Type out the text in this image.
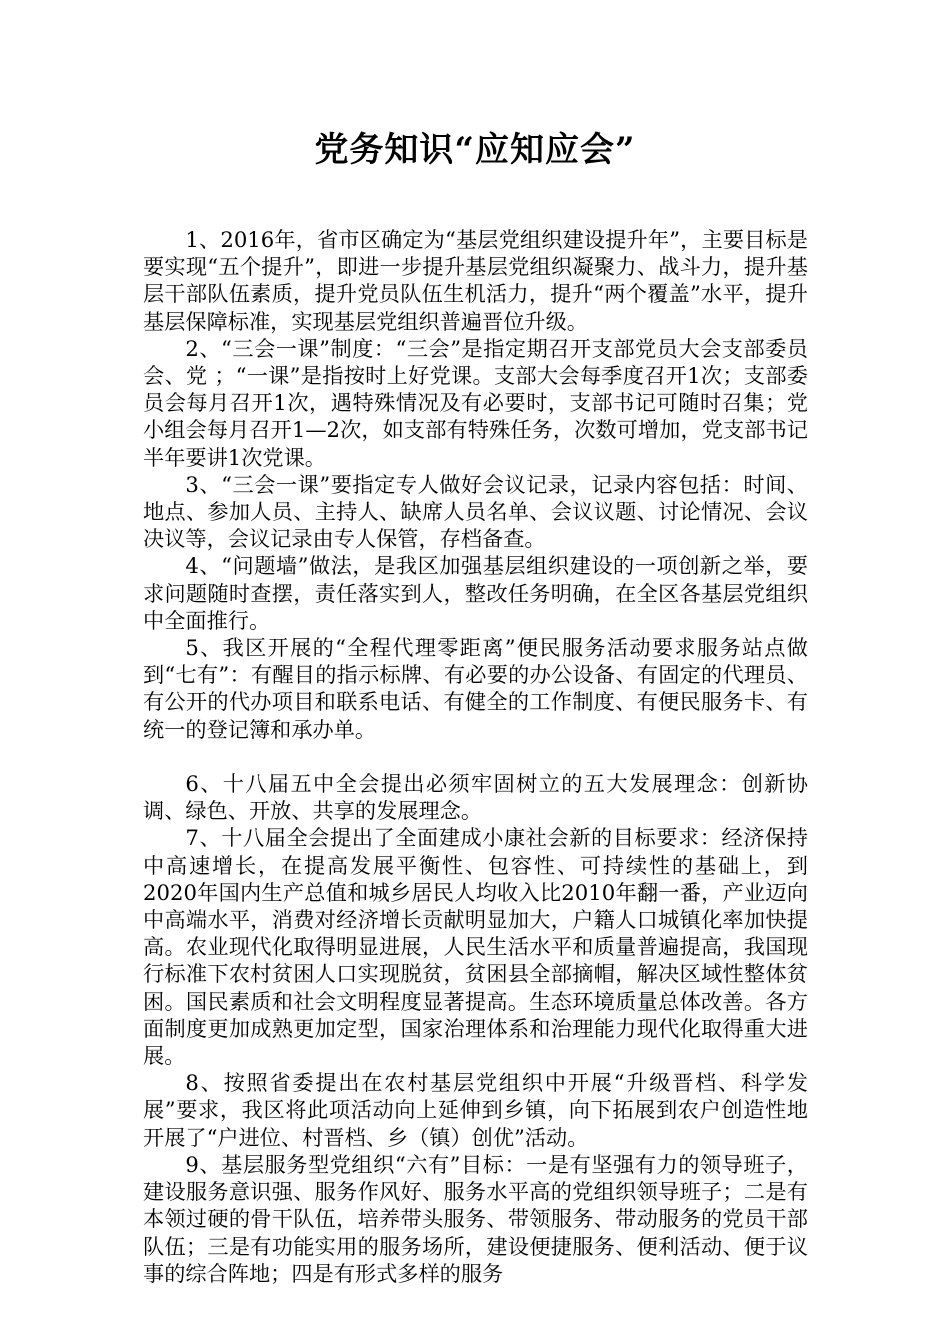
党务知识“应知应会”

1、2016年，省市区确定为“基层党组织建设提升年”，主要目标是要实现“五个提升”，即进一步提升基层党组织凝聚力、战斗力，提升基层干部队伍素质，提升党员队伍生机活力，提升“两个覆盖”水平，提升基层保障标准，实现基层党组织普遍晋位升级。

2、“三会一课”制度：“三会”是指定期召开支部党员大会支部委员会、党 ；“一课”是指按时上好党课。支部大会每季度召开1次；支部委员会每月召开1次，遇特殊情况及有必要时，支部书记可随时召集；党小组会每月召开1—2次，如支部有特殊任务，次数可增加，党支部书记半年要讲1次党课。

3、“三会一课”要指定专人做好会议记录，记录内容包括：时间、地点、参加人员、主持人、缺席人员名单、会议议题、讨论情况、会议决议等，会议记录由专人保管，存档备查。

4、“问题墙”做法，是我区加强基层组织建设的一项创新之举，要求问题随时查摆，责任落实到人，整改任务明确，在全区各基层党组织中全面推行。

5、我区开展的“全程代理零距离”便民服务活动要求服务站点做到“七有”：有醒目的指示标牌、有必要的办公设备、有固定的代理员、有公开的代办项目和联系电话、有健全的工作制度、有便民服务卡、有统一的登记簿和承办单。

6、十八届五中全会提出必须牢固树立的五大发展理念：创新协调、绿色、开放、共享的发展理念。

7、十八届全会提出了全面建成小康社会新的目标要求：经济保持中高速增长，在提高发展平衡性、包容性、可持续性的基础上，到2020年国内生产总值和城乡居民人均收入比2010年翻一番，产业迈向中高端水平，消费对经济增长贡献明显加大，户籍人口城镇化率加快提高。农业现代化取得明显进展，人民生活水平和质量普遍提高，我国现行标准下农村贫困人口实现脱贫，贫困县全部摘帽，解决区域性整体贫困。国民素质和社会文明程度显著提高。生态环境质量总体改善。各方面制度更加成熟更加定型，国家治理体系和治理能力现代化取得重大进展。

8、按照省委提出在农村基层党组织中开展“升级晋档、科学发展”要求，我区将此项活动向上延伸到乡镇，向下拓展到农户创造性地开展了“户进位、村晋档、乡（镇）创优”活动。

9、基层服务型党组织“六有”目标：一是有坚强有力的领导班子，建设服务意识强、服务作风好、服务水平高的党组织领导班子；二是有本领过硬的骨干队伍，培养带头服务、带领服务、带动服务的党员干部队伍；三是有功能实用的服务场所，建设便捷服务、便利活动、便于议事的综合阵地；四是有形式多样的服务
